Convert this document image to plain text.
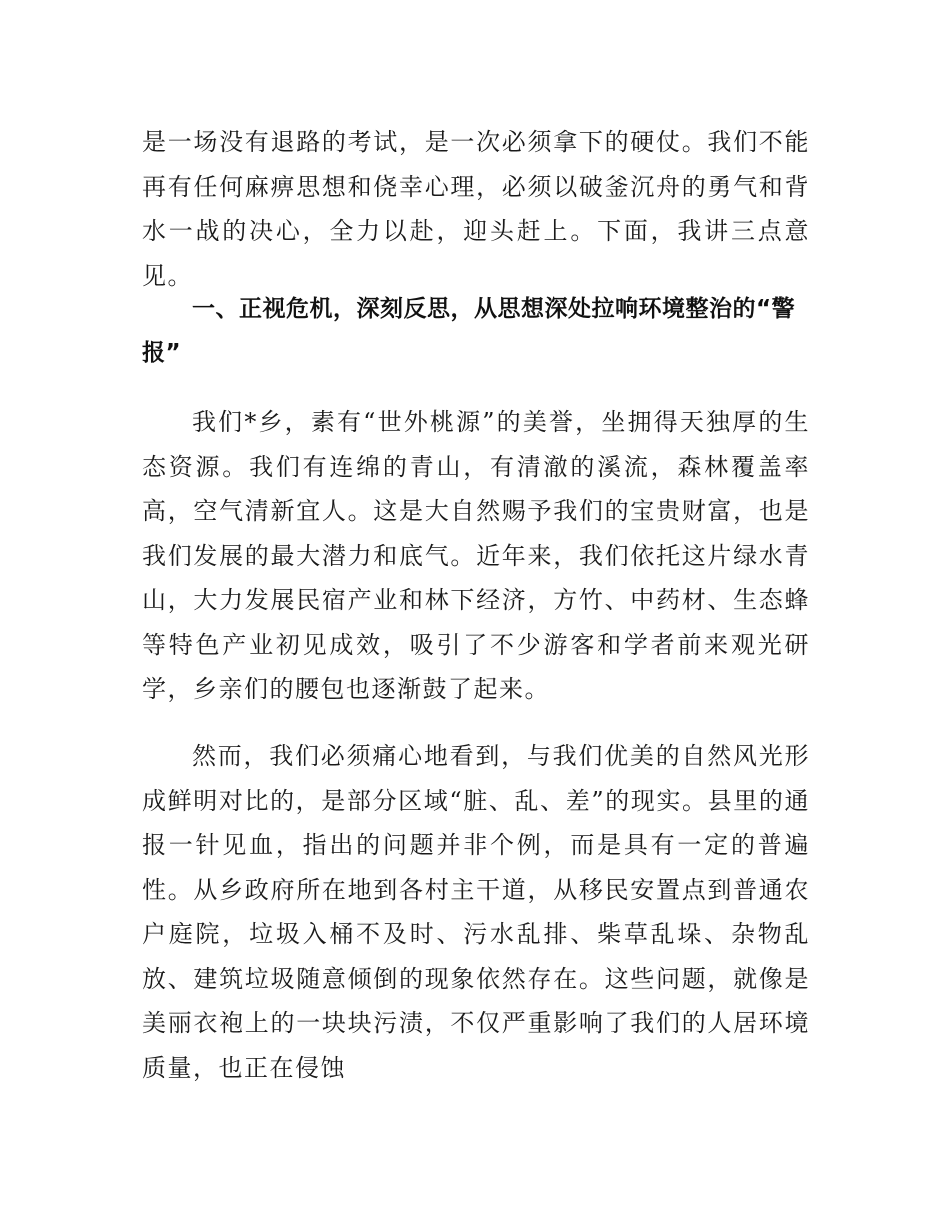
是一场没有退路的考试，是一次必须拿下的硬仗。我们不能再有任何麻痹思想和侥幸心理，必须以破釜沉舟的勇气和背水一战的决心，全力以赴，迎头赶上。下面，我讲三点意见。

一、正视危机，深刻反思，从思想深处拉响环境整治的“警报”

我们*乡，素有“世外桃源”的美誉，坐拥得天独厚的生态资源。我们有连绵的青山，有清澈的溪流，森林覆盖率高，空气清新宜人。这是大自然赐予我们的宝贵财富，也是我们发展的最大潜力和底气。近年来，我们依托这片绿水青山，大力发展民宿产业和林下经济，方竹、中药材、生态蜂等特色产业初见成效，吸引了不少游客和学者前来观光研学，乡亲们的腰包也逐渐鼓了起来。

然而，我们必须痛心地看到，与我们优美的自然风光形成鲜明对比的，是部分区域“脏、乱、差”的现实。县里的通报一针见血，指出的问题并非个例，而是具有一定的普遍性。从乡政府所在地到各村主干道，从移民安置点到普通农户庭院，垃圾入桶不及时、污水乱排、柴草乱垛、杂物乱放、建筑垃圾随意倾倒的现象依然存在。这些问题，就像是美丽衣袍上的一块块污渍，不仅严重影响了我们的人居环境质量，也正在侵蚀
